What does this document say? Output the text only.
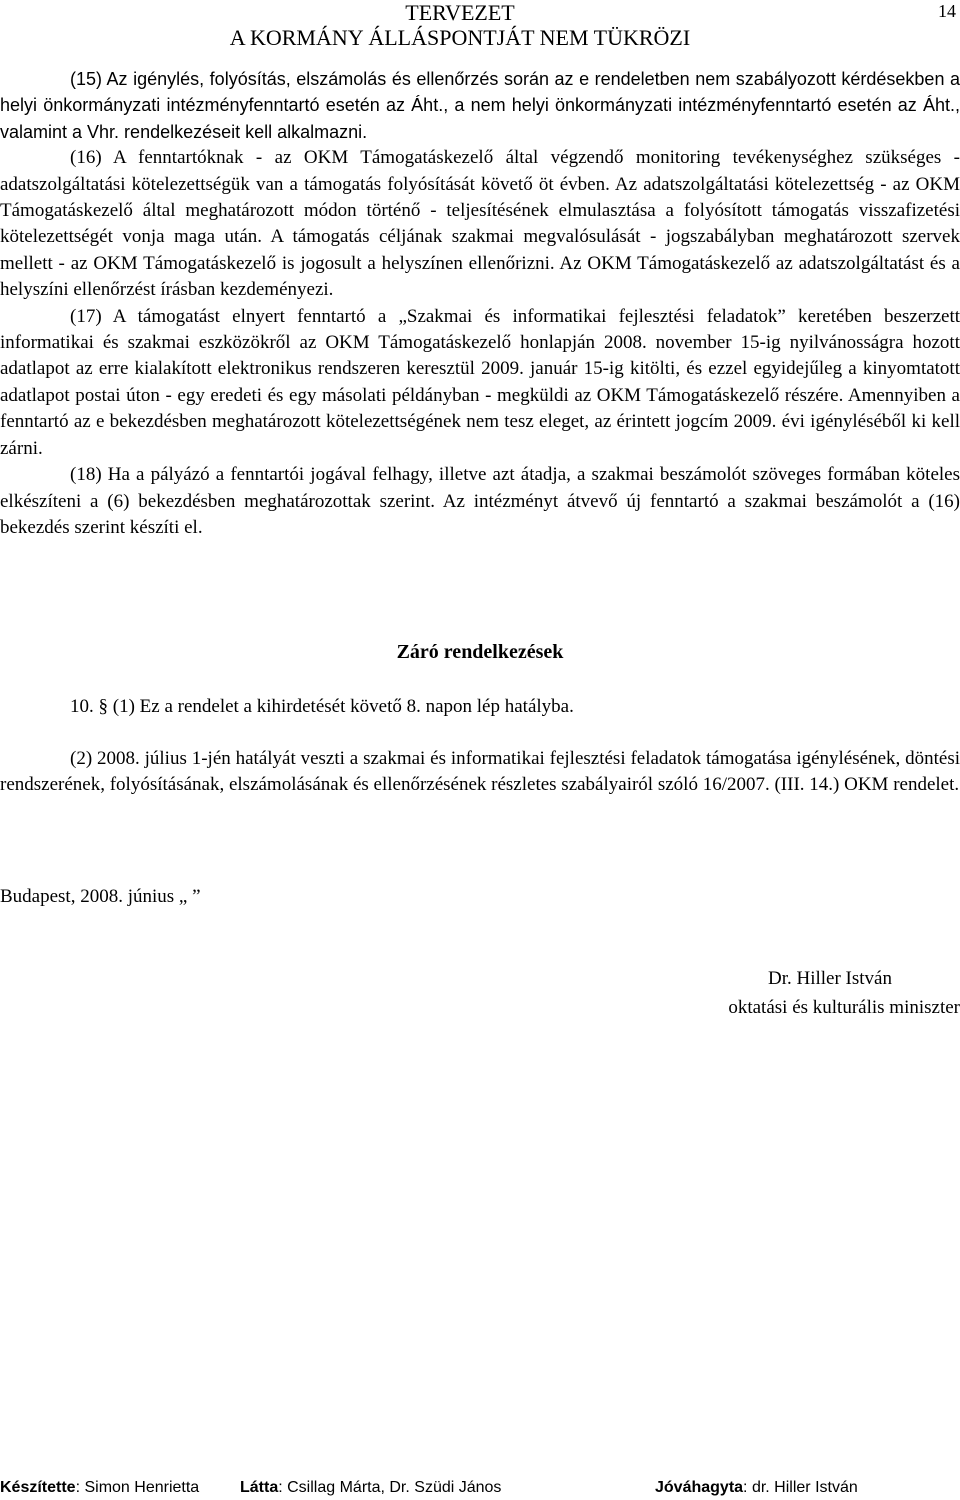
TERVEZET
A KORMÁNY ÁLLÁSPONTJÁT NEM TÜKRÖZI
14

(15) Az igénylés, folyósítás, elszámolás és ellenőrzés során az e rendeletben nem szabályozott kérdésekben a helyi önkormányzati intézményfenntartó esetén az Áht., a nem helyi önkormányzati intézményfenntartó esetén az Áht., valamint a Vhr. rendelkezéseit kell alkalmazni.

(16) A fenntartóknak - az OKM Támogatáskezelő által végzendő monitoring tevékenységhez szükséges - adatszolgáltatási kötelezettségük van a támogatás folyósítását követő öt évben. Az adatszolgáltatási kötelezettség - az OKM Támogatáskezelő által meghatározott módon történő - teljesítésének elmulasztása a folyósított támogatás visszafizetési kötelezettségét vonja maga után. A támogatás céljának szakmai megvalósulását - jogszabályban meghatározott szervek mellett - az OKM Támogatáskezelő is jogosult a helyszínen ellenőrizni. Az OKM Támogatáskezelő az adatszolgáltatást és a helyszíni ellenőrzést írásban kezdeményezi.

(17) A támogatást elnyert fenntartó a „Szakmai és informatikai fejlesztési feladatok” keretében beszerzett informatikai és szakmai eszközökről az OKM Támogatáskezelő honlapján 2008. november 15-ig nyilvánosságra hozott adatlapot az erre kialakított elektronikus rendszeren keresztül 2009. január 15-ig kitölti, és ezzel egyidejűleg a kinyomtatott adatlapot postai úton - egy eredeti és egy másolati példányban - megküldi az OKM Támogatáskezelő részére. Amennyiben a fenntartó az e bekezdésben meghatározott kötelezettségének nem tesz eleget, az érintett jogcím 2009. évi igényléséből ki kell zárni.

(18) Ha a pályázó a fenntartói jogával felhagy, illetve azt átadja, a szakmai beszámolót szöveges formában köteles elkészíteni a (6) bekezdésben meghatározottak szerint. Az intézményt átvevő új fenntartó a szakmai beszámolót a (16) bekezdés szerint készíti el.

Záró rendelkezések
10. § (1) Ez a rendelet a kihirdetését követő 8. napon lép hatályba.

(2) 2008. július 1-jén hatályát veszti a szakmai és informatikai fejlesztési feladatok támogatása igénylésének, döntési rendszerének, folyósításának, elszámolásának és ellenőrzésének részletes szabályairól szóló 16/2007. (III. 14.) OKM rendelet.

Budapest, 2008. június „ ”
Dr. Hiller István
oktatási és kulturális miniszter
Készítette: Simon Henrietta	Látta: Csillag Márta, Dr. Szüdi János	Jóváhagyta: dr. Hiller István
